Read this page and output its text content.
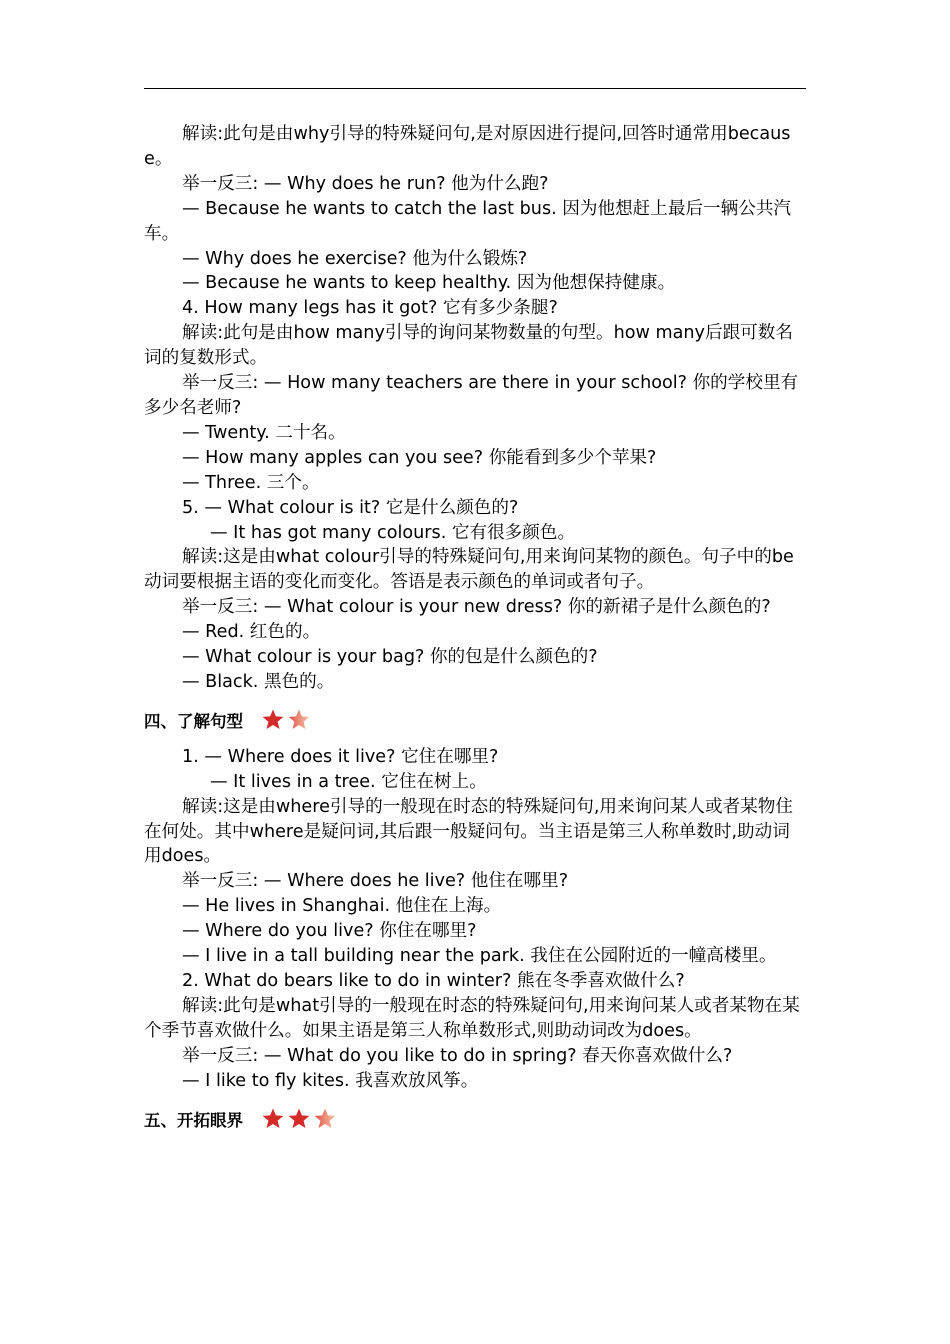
解读:此句是由why引导的特殊疑问句,是对原因进行提问,回答时通常用because。

举一反三: — Why does he run? 他为什么跑?

— Because he wants to catch the last bus. 因为他想赶上最后一辆公共汽车。

— Why does he exercise? 他为什么锻炼?

— Because he wants to keep healthy. 因为他想保持健康。

4. How many legs has it got? 它有多少条腿?

解读:此句是由how many引导的询问某物数量的句型。how many后跟可数名词的复数形式。

举一反三: — How many teachers are there in your school? 你的学校里有多少名老师?

— Twenty. 二十名。

— How many apples can you see? 你能看到多少个苹果?

— Three. 三个。

5. — What colour is it? 它是什么颜色的?

— It has got many colours. 它有很多颜色。

解读:这是由what colour引导的特殊疑问句,用来询问某物的颜色。句子中的be动词要根据主语的变化而变化。答语是表示颜色的单词或者句子。

举一反三: — What colour is your new dress? 你的新裙子是什么颜色的?

— Red. 红色的。

— What colour is your bag? 你的包是什么颜色的?

— Black. 黑色的。

四、了解句型

1. — Where does it live? 它住在哪里?

— It lives in a tree. 它住在树上。

解读:这是由where引导的一般现在时态的特殊疑问句,用来询问某人或者某物住在何处。其中where是疑问词,其后跟一般疑问句。当主语是第三人称单数时,助动词用does。

举一反三: — Where does he live? 他住在哪里?

— He lives in Shanghai. 他住在上海。

— Where do you live? 你住在哪里?

— I live in a tall building near the park. 我住在公园附近的一幢高楼里。

2. What do bears like to do in winter? 熊在冬季喜欢做什么?

解读:此句是what引导的一般现在时态的特殊疑问句,用来询问某人或者某物在某个季节喜欢做什么。如果主语是第三人称单数形式,则助动词改为does。

举一反三: — What do you like to do in spring? 春天你喜欢做什么?

— I like to fly kites. 我喜欢放风筝。

五、开拓眼界
